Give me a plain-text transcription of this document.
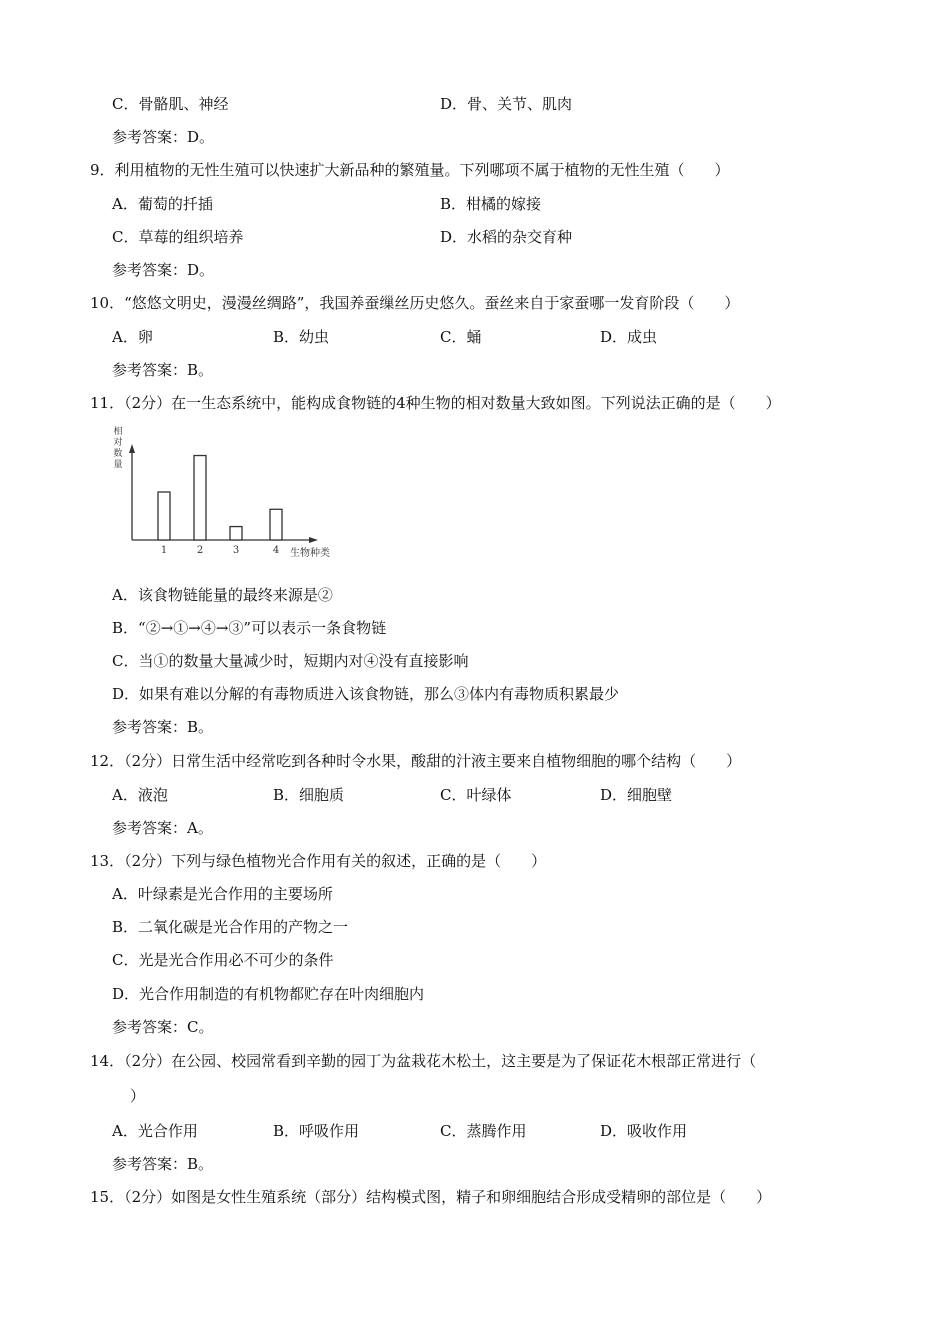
C．骨骼肌、神经	D．骨、关节、肌肉
参考答案：D。
9．利用植物的无性生殖可以快速扩大新品种的繁殖量。下列哪项不属于植物的无性生殖（　　）
A．葡萄的扦插	B．柑橘的嫁接
C．草莓的组织培养	D．水稻的杂交育种
参考答案：D。
10．“悠悠文明史，漫漫丝绸路”，我国养蚕缫丝历史悠久。蚕丝来自于家蚕哪一发育阶段（　　）
A．卵	B．幼虫	C．蛹	D．成虫
参考答案：B。
11．（2分）在一生态系统中，能构成食物链的4种生物的相对数量大致如图。下列说法正确的是（　　）
相
对
数
量
生物种类
1	2	3	4
A．该食物链能量的最终来源是②
B．“②→①→④→③”可以表示一条食物链
C．当①的数量大量减少时，短期内对④没有直接影响
D．如果有难以分解的有毒物质进入该食物链，那么③体内有毒物质积累最少
参考答案：B。
12．（2分）日常生活中经常吃到各种时令水果，酸甜的汁液主要来自植物细胞的哪个结构（　　）
A．液泡	B．细胞质	C．叶绿体	D．细胞壁
参考答案：A。
13．（2分）下列与绿色植物光合作用有关的叙述，正确的是（　　）
A．叶绿素是光合作用的主要场所
B．二氧化碳是光合作用的产物之一
C．光是光合作用必不可少的条件
D．光合作用制造的有机物都贮存在叶肉细胞内
参考答案：C。
14．（2分）在公园、校园常看到辛勤的园丁为盆栽花木松土，这主要是为了保证花木根部正常进行（
）
A．光合作用	B．呼吸作用	C．蒸腾作用	D．吸收作用
参考答案：B。
15．（2分）如图是女性生殖系统（部分）结构模式图，精子和卵细胞结合形成受精卵的部位是（　　）
